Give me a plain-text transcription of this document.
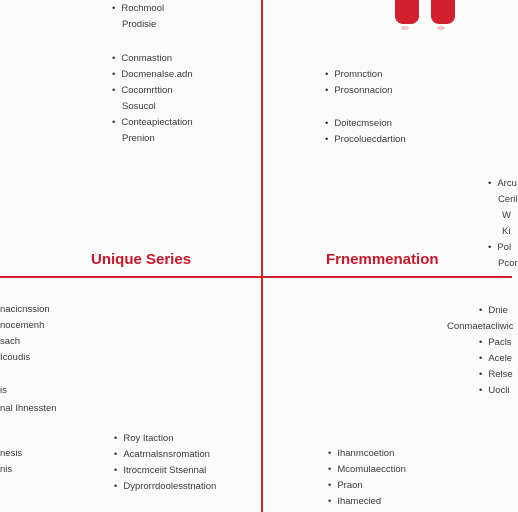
• Rochmool
Prodisie
• Conmastion
• Docmenalse.adn
• Cocomrttion
Sosucol
• Conteapiectation
Prenion
Unique Series
• Promnction
• Prosonnacion
• Doitecmseion
• Procoluecdartion
Frnemmenation
• Arcu
Ceril
W
Ki
• Pol
Pcor
nacicnssion
nocemenh
sach
Icoudis
is
nal Ihnessten
nesis
nis
• Roy Itaction
• Acatrnalsnsromation
• Itrocmceiit Stsennal
• Dyprorrdoolesstnation
• Dnie
Conmaetacliwic
• Pacls
• Acele
• Relse
• Uocli
• Ihanmcoetion
• Mcomulaecction
• Praon
• Ihamecied
